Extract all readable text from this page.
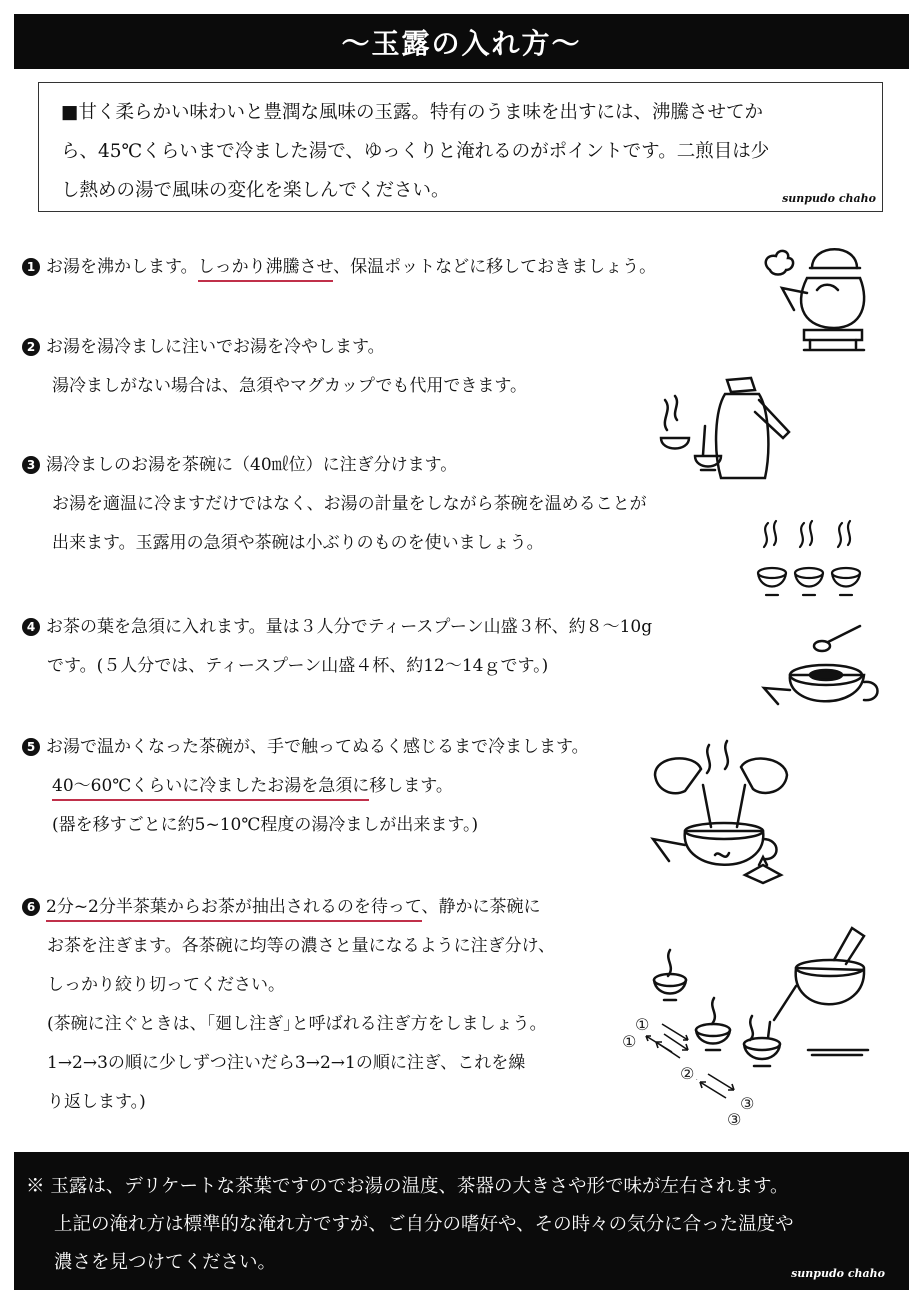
〜玉露の入れ方〜

■甘く柔らかい味わいと豊潤な風味の玉露。特有のうま味を出すには、沸騰させてか

ら、45℃くらいまで冷ました湯で、ゆっくりと淹れるのがポイントです。二煎目は少

し熱めの湯で風味の変化を楽しんでください。	sunpudo chaho

1 お湯を沸かします。しっかり沸騰させ、保温ポットなどに移しておきましょう。

2 お湯を湯冷ましに注いでお湯を冷やします。

湯冷ましがない場合は、急須やマグカップでも代用できます。

3 湯冷ましのお湯を茶碗に（40㎖位）に注ぎ分けます。

お湯を適温に冷ますだけではなく、お湯の計量をしながら茶碗を温めることが

出来ます。玉露用の急須や茶碗は小ぶりのものを使いましょう。

4 お茶の葉を急須に入れます。量は３人分でティースプーン山盛３杯、約８〜10g

です。(５人分では、ティースプーン山盛４杯、約12〜14ｇです。)

5 お湯で温かくなった茶碗が、手で触ってぬるく感じるまで冷まします。

40〜60℃くらいに冷ましたお湯を急須に移します。

(器を移すごとに約5~10℃程度の湯冷ましが出来ます。)

6 2分~2分半茶葉からお茶が抽出されるのを待って、静かに茶碗に

お茶を注ぎます。各茶碗に均等の濃さと量になるように注ぎ分け、

しっかり絞り切ってください。

(茶碗に注ぐときは、｢廻し注ぎ｣と呼ばれる注ぎ方をしましょう。

1→2→3の順に少しずつ注いだら3→2→1の順に注ぎ、これを繰

り返します。)

①
①
②
③
③

※ 玉露は、デリケートな茶葉ですのでお湯の温度、茶器の大きさや形で味が左右されます。

上記の淹れ方は標準的な淹れ方ですが、ご自分の嗜好や、その時々の気分に合った温度や

濃さを見つけてください。

sunpudo chaho
